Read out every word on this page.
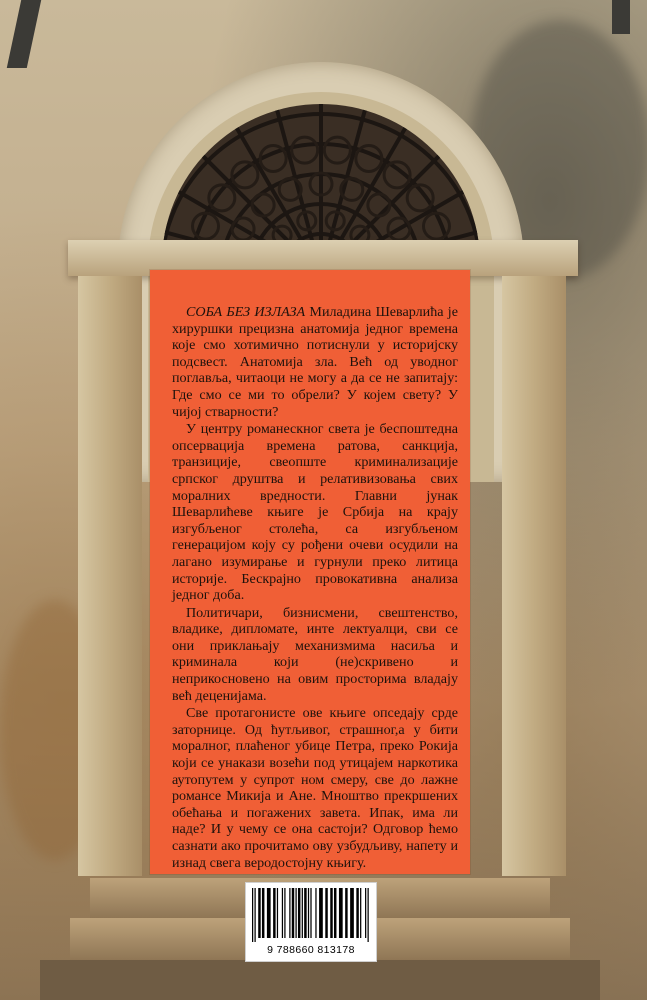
СОБА БЕЗ ИЗЛАЗА Миладина Шеварлића је хируршки прецизна анатомија једног времена које смо хотимично потиснули у историјску подсвест. Анатомија зла. Већ од уводног поглавља, читаоци не могу а да се не запитају: Где смо се ми то обрели? У којем свету? У чијој стварности?

У центру романескног света је беспоштедна опсервација времена ратова, санкција, транзиције, свеопште криминализације српског друштва и релативизовања свих моралних вредности. Главни јунак Шеварлићеве књиге је Србија на крају изгубљеног столећа, са изгубљеном генерацијом коју су рођени очеви осудили на лагано изумирање и гурнули преко литица историје. Бескрајно провокативна анализа једног доба.

Политичари, бизнисмени, свештенство, владике, дипломате, инте лектуалци, сви се они приклањају механизмима насиља и криминала који (не)скривено и неприкосновено на овим просторима владају већ деценијама.

Све протагонисте ове књиге опседају срде заторнице. Од ћутљивог, страшног,а у бити моралног, плаћеног убице Петра, преко Рокија који се унакази возећи под утицајем наркотика аутопутем у супрот ном смеру, све до лажне романсе Микија и Ане. Мноштво прекршених обећања и погажених завета. Ипак, има ли наде? И у чему се она састоји? Одговор ћемо сазнати ако прочитамо ову узбудљиву, напету и изнад свега веродостојну књигу.

9 788660 813178
